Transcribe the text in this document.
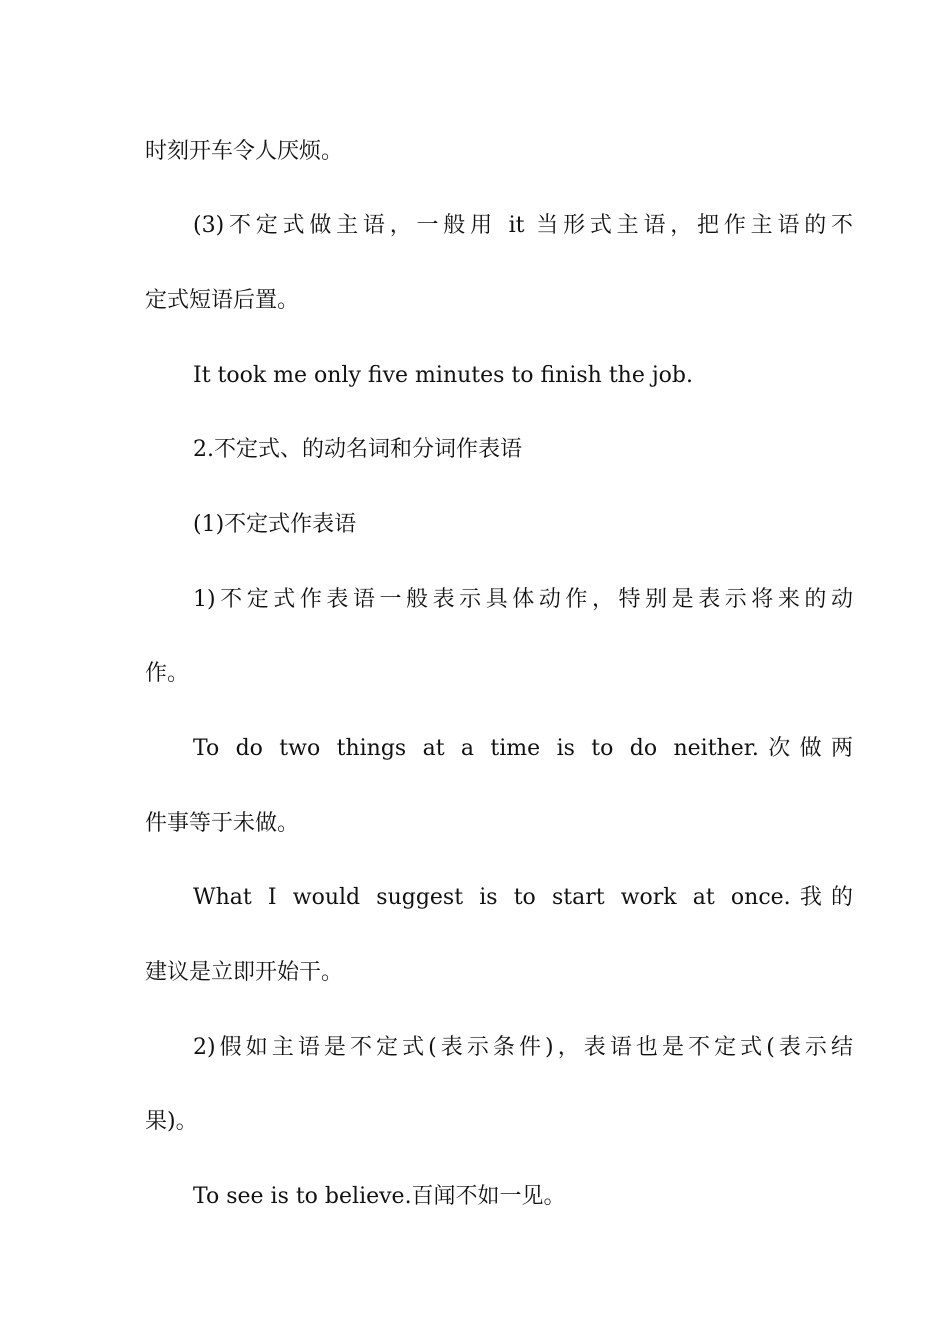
时刻开车令人厌烦。
(3)不定式做主语，一般用 it 当形式主语，把作主语的不
定式短语后置。
It took me only five minutes to finish the job.
2.不定式、的动名词和分词作表语
(1)不定式作表语
1)不定式作表语一般表示具体动作，特别是表示将来的动
作。
To do two things at a time is to do neither.次做两
件事等于未做。
What I would suggest is to start work at once.我的
建议是立即开始干。
2)假如主语是不定式(表示条件)，表语也是不定式(表示结
果)。
To see is to believe.百闻不如一见。
